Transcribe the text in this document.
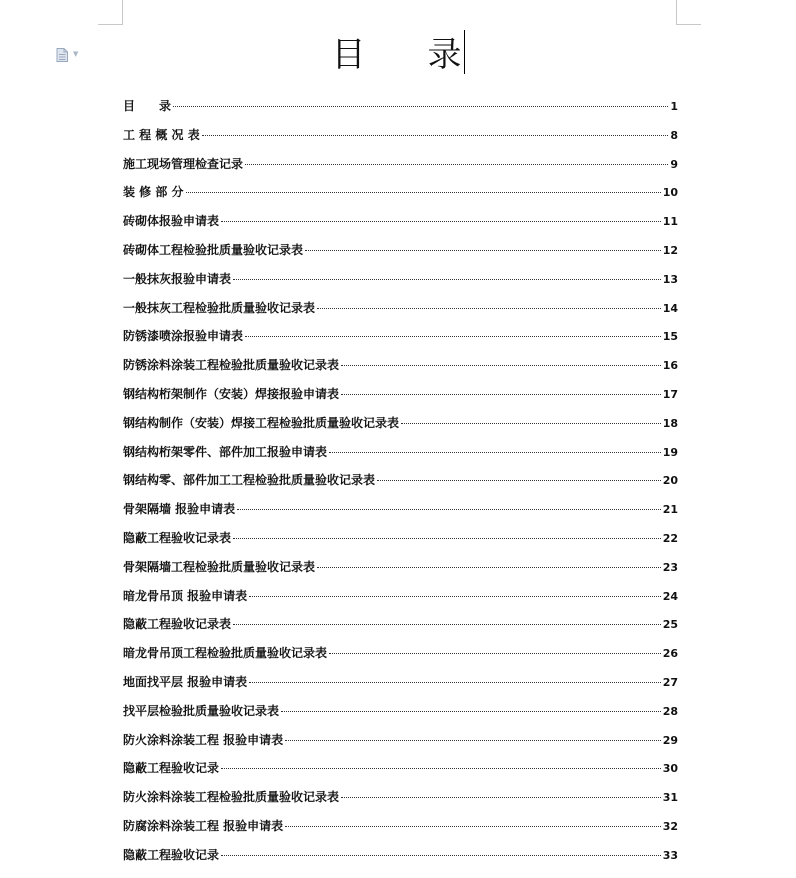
▼	目 录
目　　录	1
工 程 概 况 表	8
施工现场管理检查记录	9
装 修 部 分	10
砖砌体报验申请表	11
砖砌体工程检验批质量验收记录表	12
一般抹灰报验申请表	13
一般抹灰工程检验批质量验收记录表	14
防锈漆喷涂报验申请表	15
防锈涂料涂装工程检验批质量验收记录表	16
钢结构桁架制作（安装）焊接报验申请表	17
钢结构制作（安装）焊接工程检验批质量验收记录表	18
钢结构桁架零件、部件加工报验申请表	19
钢结构零、部件加工工程检验批质量验收记录表	20
骨架隔墙 报验申请表	21
隐蔽工程验收记录表	22
骨架隔墙工程检验批质量验收记录表	23
暗龙骨吊顶 报验申请表	24
隐蔽工程验收记录表	25
暗龙骨吊顶工程检验批质量验收记录表	26
地面找平层 报验申请表	27
找平层检验批质量验收记录表	28
防火涂料涂装工程 报验申请表	29
隐蔽工程验收记录	30
防火涂料涂装工程检验批质量验收记录表	31
防腐涂料涂装工程 报验申请表	32
隐蔽工程验收记录	33
